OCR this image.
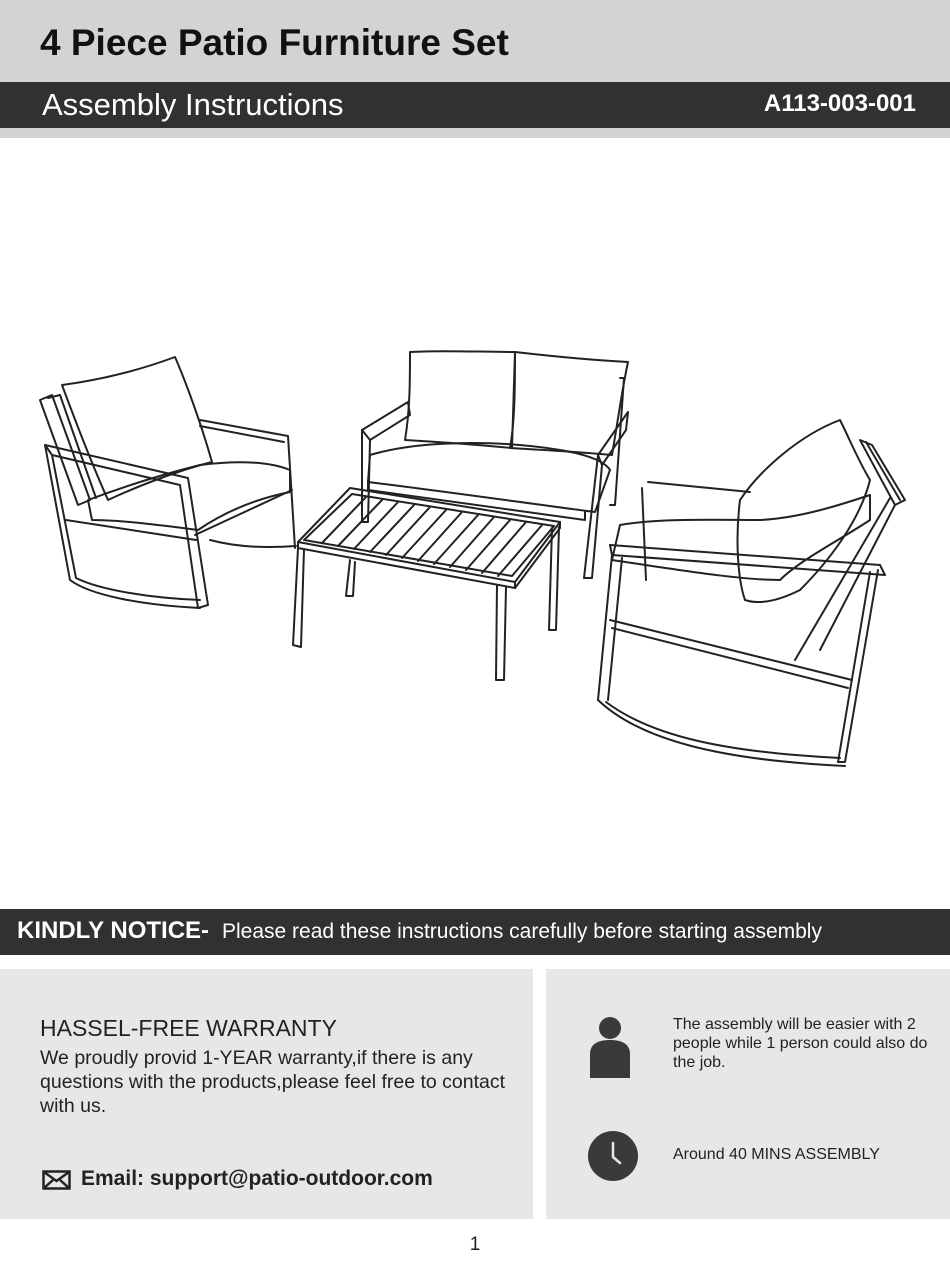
4 Piece Patio Furniture Set
Assembly Instructions	A113-003-001
KINDLY NOTICE- Please read these instructions carefully before starting assembly
HASSEL-FREE WARRANTY
We proudly provid 1-YEAR warranty,if there is any questions with the products,please feel free to contact with us.
Email: support@patio-outdoor.com
The assembly will be easier with 2 people while 1 person could also do the job.
Around 40 MINS ASSEMBLY
1
